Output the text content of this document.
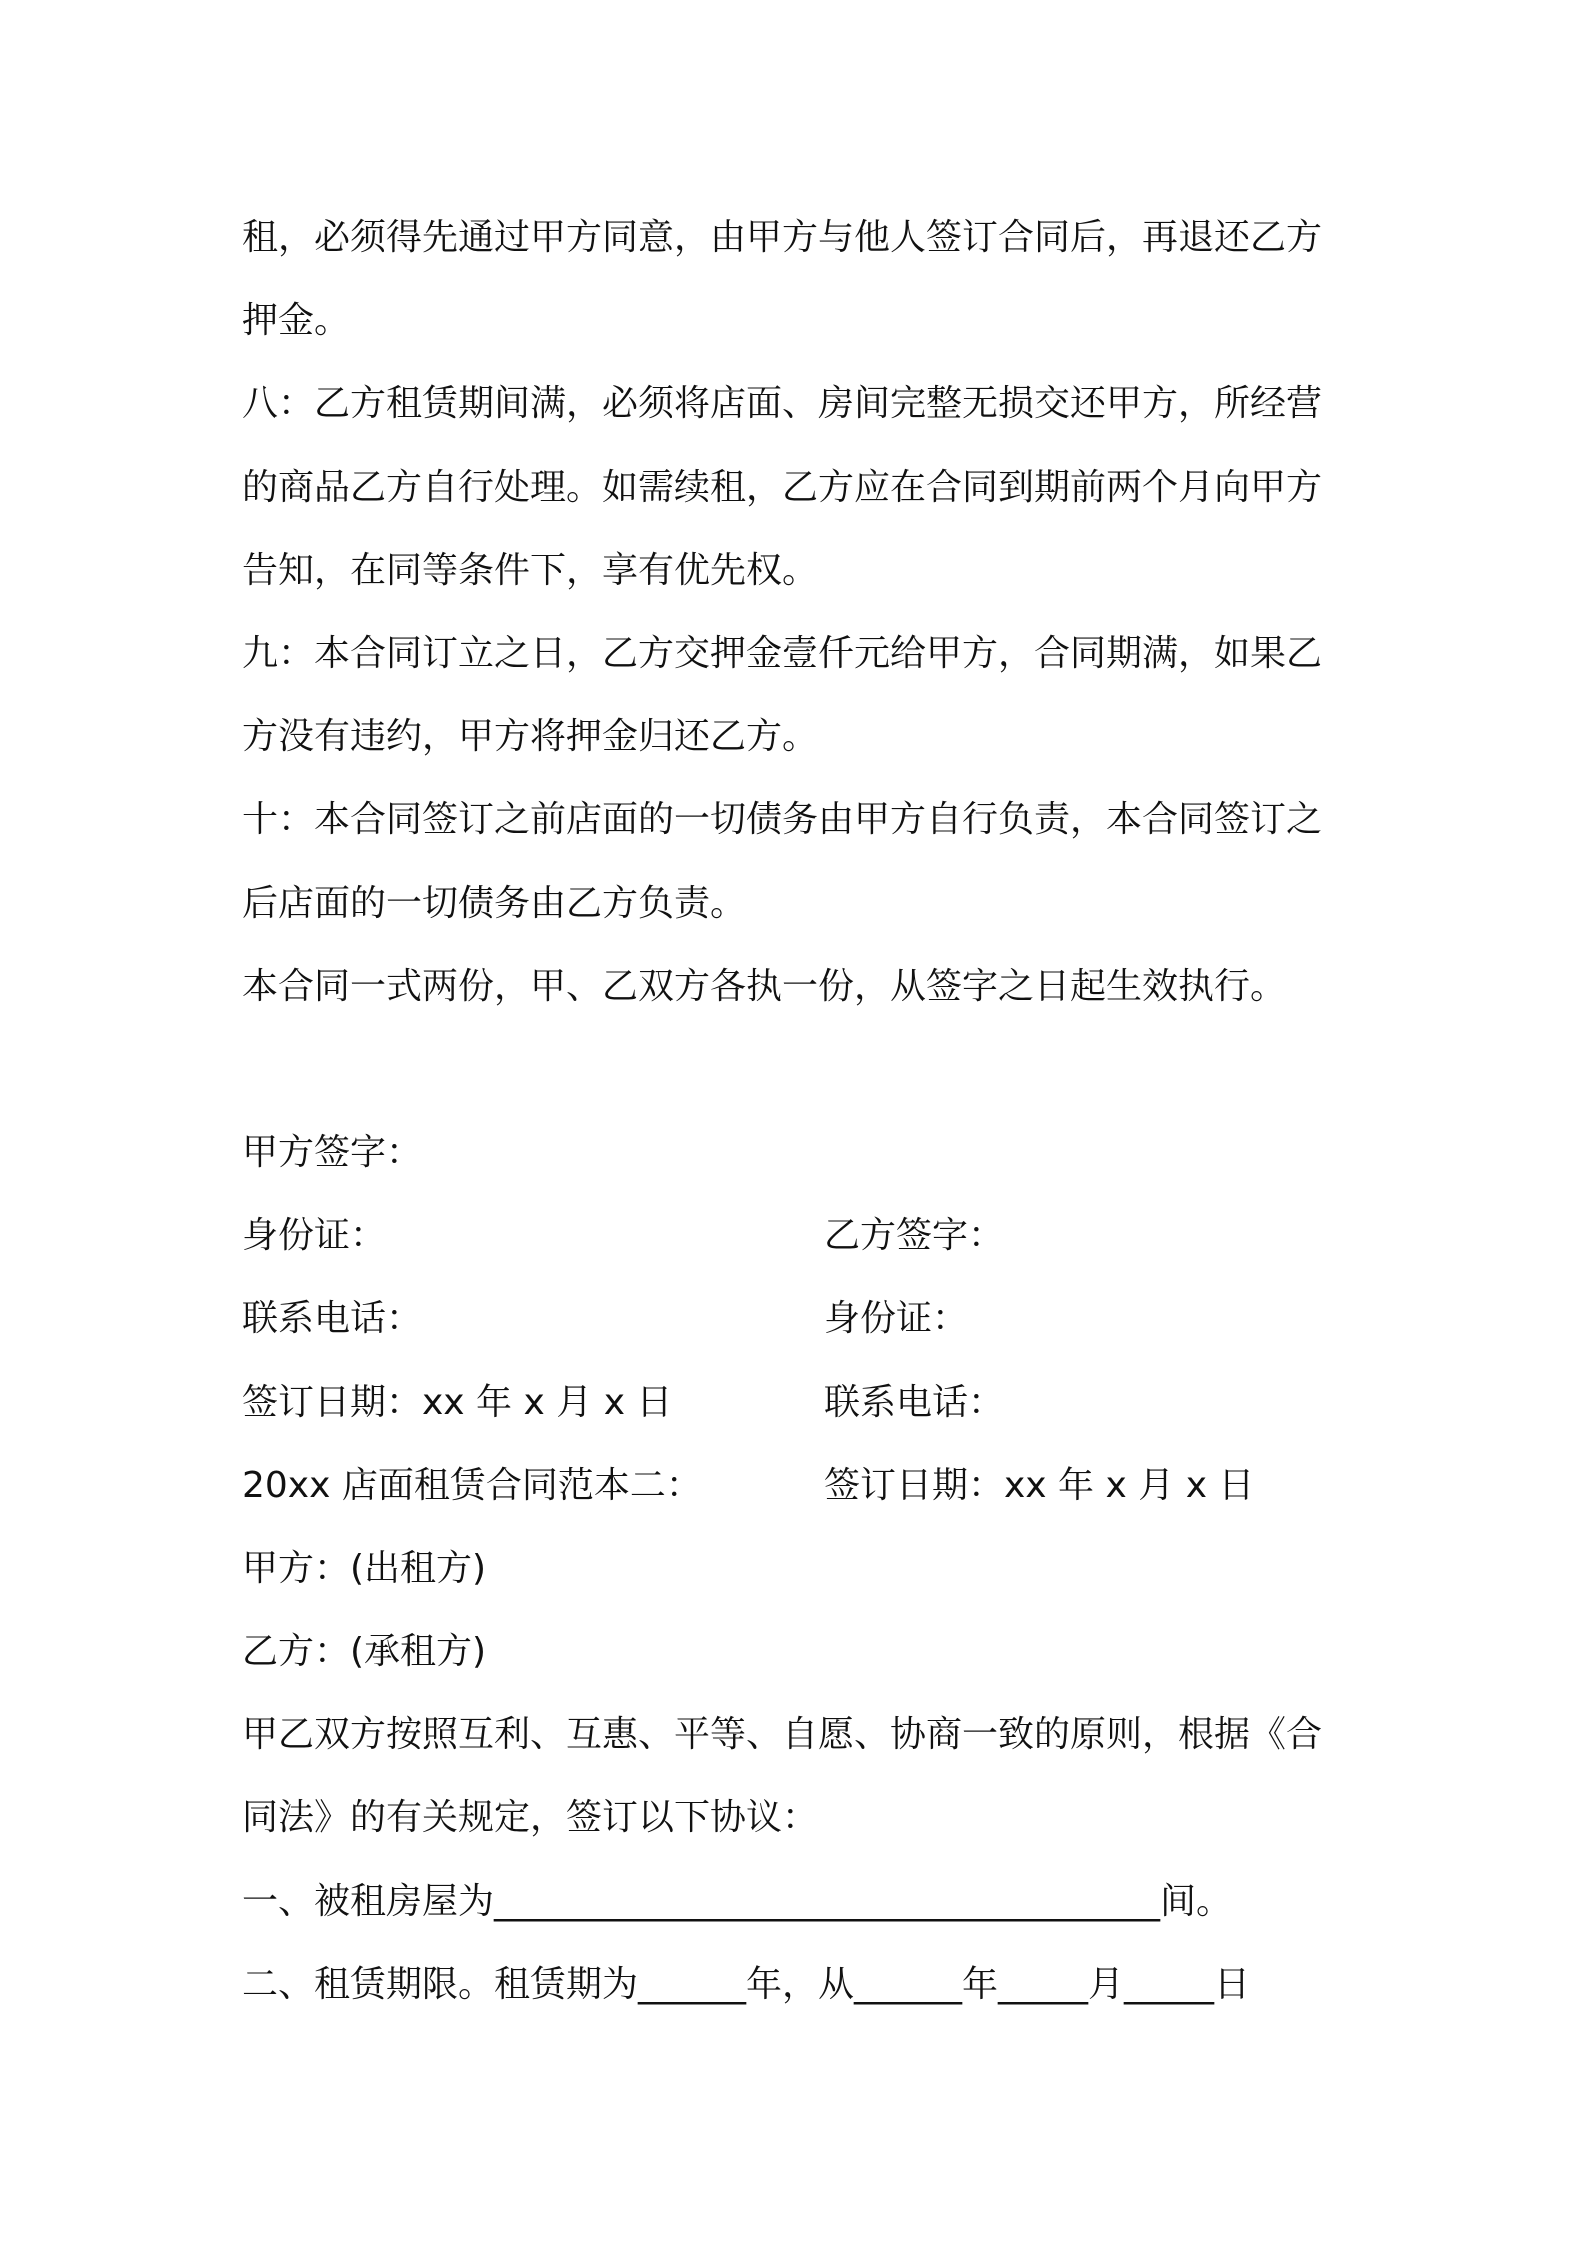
租，必须得先通过甲方同意，由甲方与他人签订合同后，再退还乙方
押金。
八：乙方租赁期间满，必须将店面、房间完整无损交还甲方，所经营
的商品乙方自行处理。如需续租，乙方应在合同到期前两个月向甲方
告知，在同等条件下，享有优先权。
九：本合同订立之日，乙方交押金壹仟元给甲方，合同期满，如果乙
方没有违约，甲方将押金归还乙方。
十：本合同签订之前店面的一切债务由甲方自行负责，本合同签订之
后店面的一切债务由乙方负责。
本合同一式两份，甲、乙双方各执一份，从签字之日起生效执行。

甲方签字：

乙方签字：

身份证：

身份证：

联系电话：

联系电话：

签订日期：xx 年 x 月 x 日

签订日期：xx 年 x 月 x 日

20xx 店面租赁合同范本二：
甲方：(出租方)
乙方：(承租方)
甲乙双方按照互利、互惠、平等、自愿、协商一致的原则，根据《合
同法》的有关规定，签订以下协议：
一、被租房屋为_____________________________________间。
二、租赁期限。租赁期为______年，从______年_____月_____日
